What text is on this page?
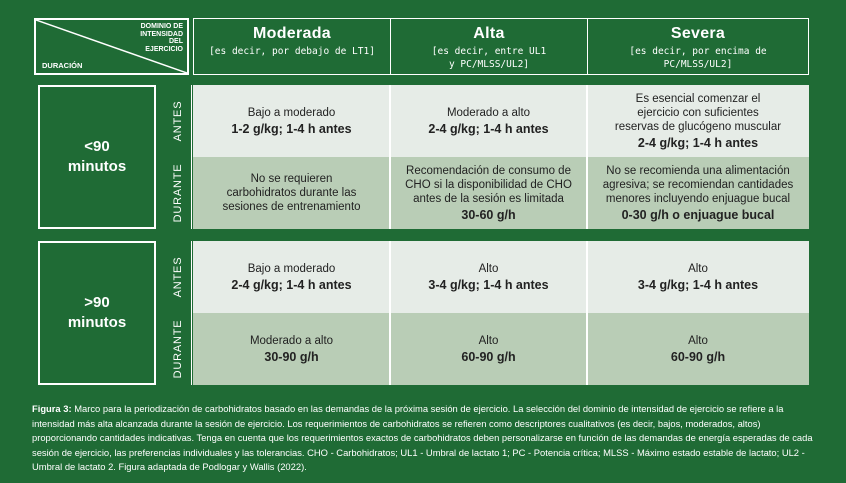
DOMINIO DE
INTENSIDAD
DEL
EJERCICIO
DURACIÓN
Moderada
[es decir, por debajo de LT1]
Alta
[es decir, entre UL1
y PC/MLSS/UL2]
Severa
[es decir, por encima de
PC/MLSS/UL2]
<90
minutos
ANTES
DURANTE
Bajo a moderado
1-2 g/kg; 1-4 h antes
Moderado a alto
2-4 g/kg; 1-4 h antes
Es esencial comenzar el
ejercicio con suficientes
reservas de glucógeno muscular
2-4 g/kg; 1-4 h antes
No se requieren
carbohidratos durante las
sesiones de entrenamiento
Recomendación de consumo de
CHO si la disponibilidad de CHO
antes de la sesión es limitada
30-60 g/h
No se recomienda una alimentación
agresiva; se recomiendan cantidades
menores incluyendo enjuague bucal
0-30 g/h o enjuague bucal
>90
minutos
ANTES
DURANTE
Bajo a moderado
2-4 g/kg; 1-4 h antes
Alto
3-4 g/kg; 1-4 h antes
Alto
3-4 g/kg; 1-4 h antes
Moderado a alto
30-90 g/h
Alto
60-90 g/h
Alto
60-90 g/h
Figura 3: Marco para la periodización de carbohidratos basado en las demandas de la próxima sesión de ejercicio. La selección del dominio de intensidad de ejercicio se refiere a la intensidad más alta alcanzada durante la sesión de ejercicio. Los requerimientos de carbohidratos se refieren como descriptores cualitativos (es decir, bajos, moderados, altos) proporcionando cantidades indicativas. Tenga en cuenta que los requerimientos exactos de carbohidratos deben personalizarse en función de las demandas de energía esperadas de cada sesión de ejercicio, las preferencias individuales y las tolerancias. CHO - Carbohidratos; UL1 - Umbral de lactato 1; PC - Potencia crítica; MLSS - Máximo estado estable de lactato; UL2 - Umbral de lactato 2. Figura adaptada de Podlogar y Wallis (2022).
